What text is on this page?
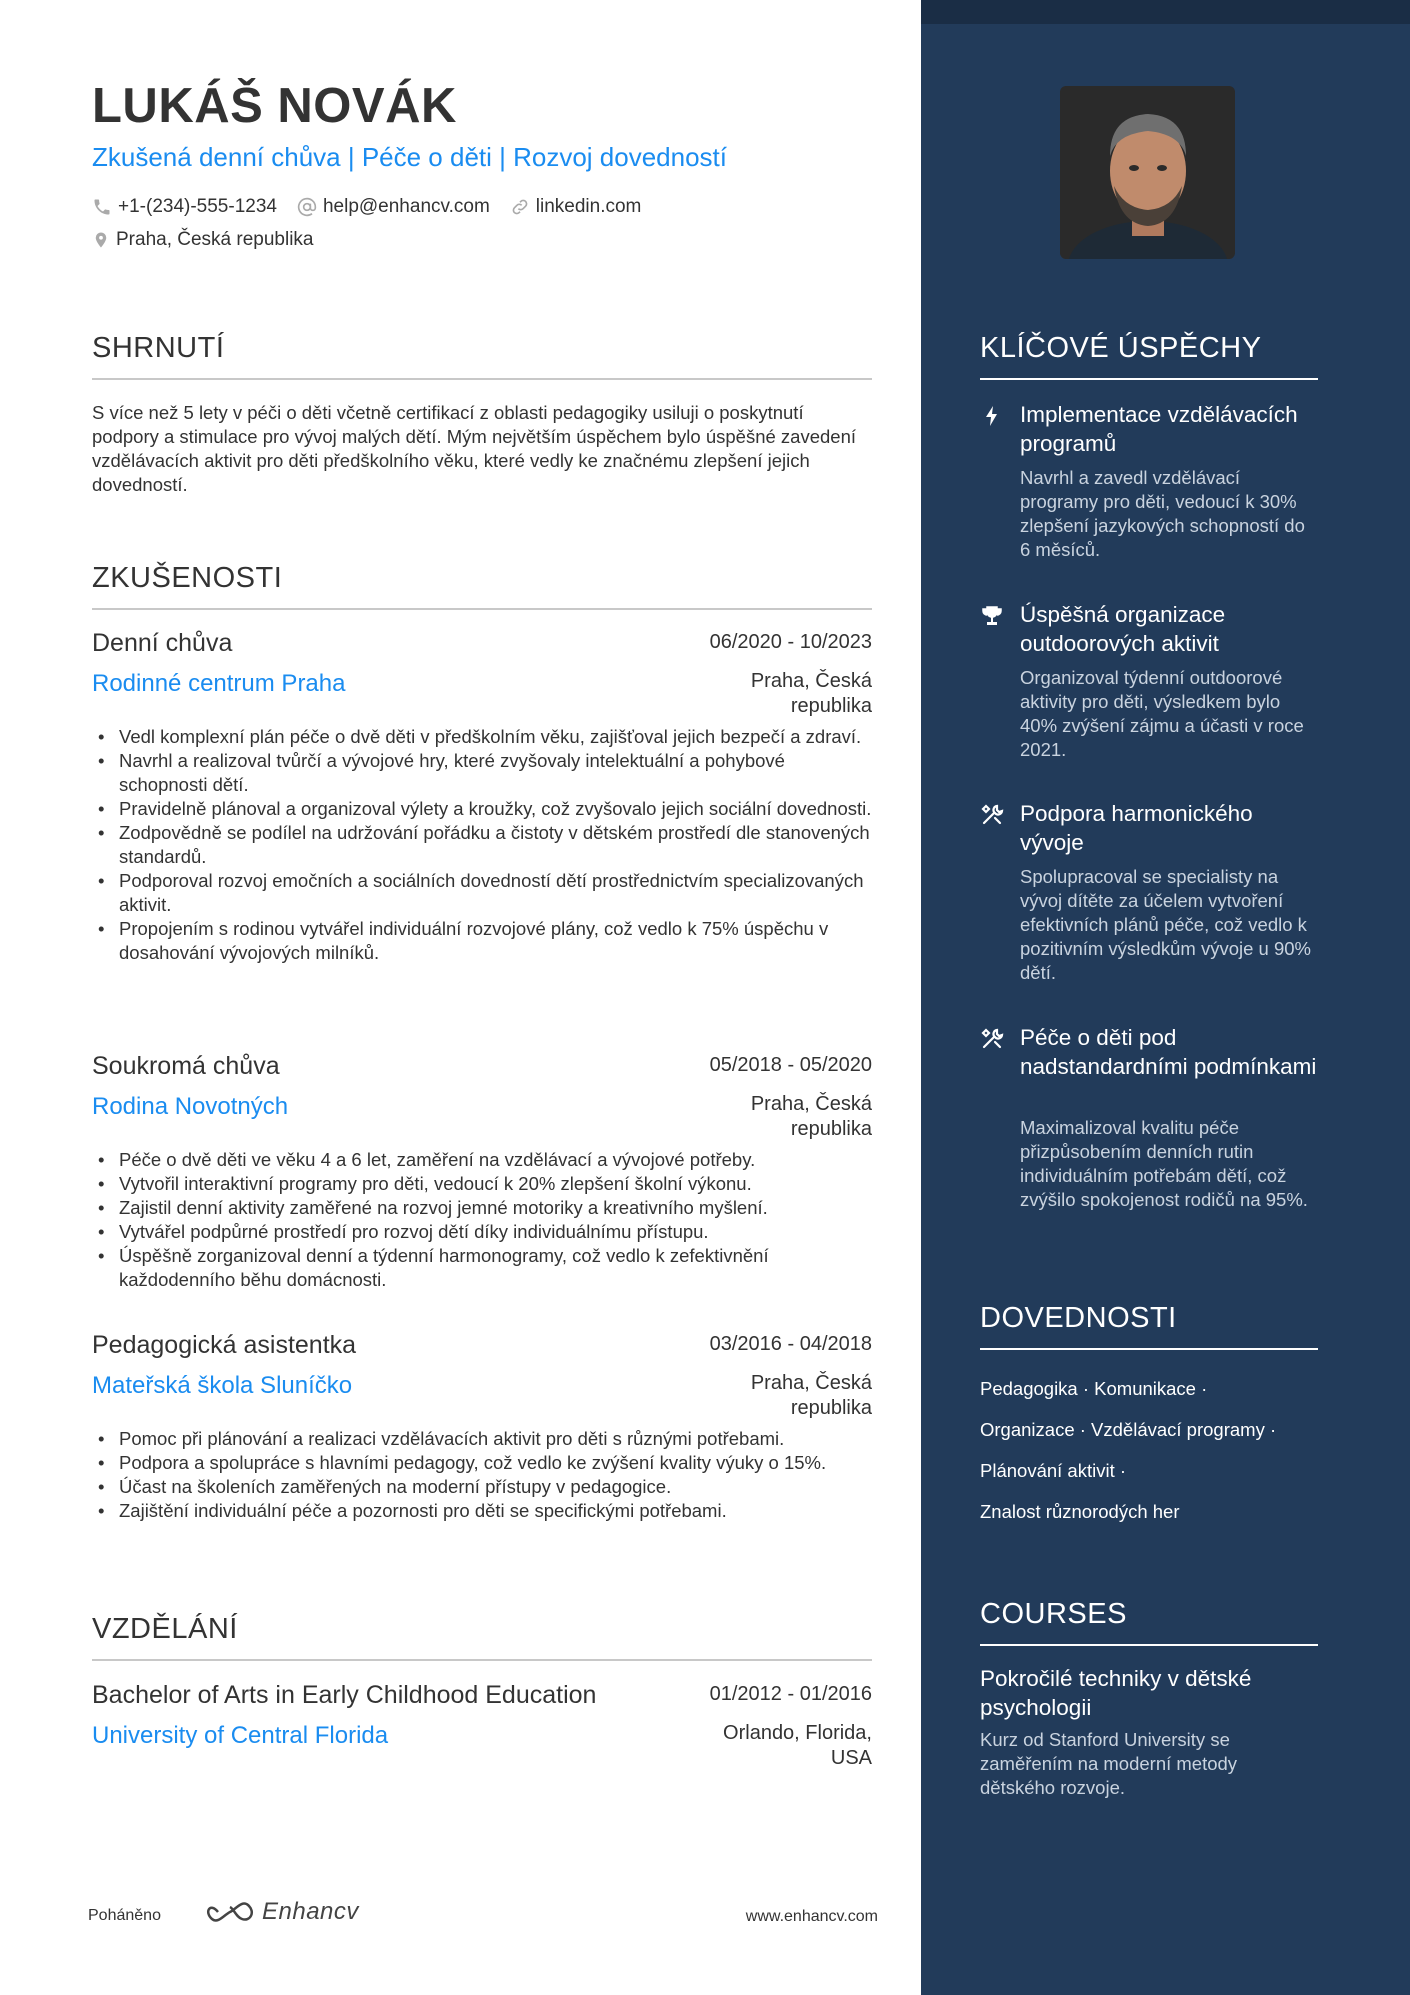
LUKÁŠ NOVÁK
Zkušená denní chůva | Péče o děti | Rozvoj dovedností
+1-(234)-555-1234 help@enhancv.com linkedin.com
Praha, Česká republika
SHRNUTÍ
S více než 5 lety v péči o děti včetně certifikací z oblasti pedagogiky usiluji o poskytnutí podpory a stimulace pro vývoj malých dětí. Mým největším úspěchem bylo úspěšné zavedení vzdělávacích aktivit pro děti předškolního věku, které vedly ke značnému zlepšení jejich dovedností.
ZKUŠENOSTI
Denní chůva	06/2020 - 10/2023
Rodinné centrum Praha	Praha, Česká republika
• Vedl komplexní plán péče o dvě děti v předškolním věku, zajišťoval jejich bezpečí a zdraví.
• Navrhl a realizoval tvůrčí a vývojové hry, které zvyšovaly intelektuální a pohybové schopnosti dětí.
• Pravidelně plánoval a organizoval výlety a kroužky, což zvyšovalo jejich sociální dovednosti.
• Zodpovědně se podílel na udržování pořádku a čistoty v dětském prostředí dle stanovených standardů.
• Podporoval rozvoj emočních a sociálních dovedností dětí prostřednictvím specializovaných aktivit.
• Propojením s rodinou vytvářel individuální rozvojové plány, což vedlo k 75% úspěchu v dosahování vývojových milníků.
Soukromá chůva	05/2018 - 05/2020
Rodina Novotných	Praha, Česká republika
• Péče o dvě děti ve věku 4 a 6 let, zaměření na vzdělávací a vývojové potřeby.
• Vytvořil interaktivní programy pro děti, vedoucí k 20% zlepšení školní výkonu.
• Zajistil denní aktivity zaměřené na rozvoj jemné motoriky a kreativního myšlení.
• Vytvářel podpůrné prostředí pro rozvoj dětí díky individuálnímu přístupu.
• Úspěšně zorganizoval denní a týdenní harmonogramy, což vedlo k zefektivnění každodenního běhu domácnosti.
Pedagogická asistentka	03/2016 - 04/2018
Mateřská škola Sluníčko	Praha, Česká republika
• Pomoc při plánování a realizaci vzdělávacích aktivit pro děti s různými potřebami.
• Podpora a spolupráce s hlavními pedagogy, což vedlo ke zvýšení kvality výuky o 15%.
• Účast na školeních zaměřených na moderní přístupy v pedagogice.
• Zajištění individuální péče a pozornosti pro děti se specifickými potřebami.
VZDĚLÁNÍ
Bachelor of Arts in Early Childhood Education	01/2012 - 01/2016
University of Central Florida	Orlando, Florida, USA
KLÍČOVÉ ÚSPĚCHY
Implementace vzdělávacích programů
Navrhl a zavedl vzdělávací programy pro děti, vedoucí k 30% zlepšení jazykových schopností do 6 měsíců.
Úspěšná organizace outdoorových aktivit
Organizoval týdenní outdoorové aktivity pro děti, výsledkem bylo 40% zvýšení zájmu a účasti v roce 2021.
Podpora harmonického vývoje
Spolupracoval se specialisty na vývoj dítěte za účelem vytvoření efektivních plánů péče, což vedlo k pozitivním výsledkům vývoje u 90% dětí.
Péče o děti pod nadstandardními podmínkami
Maximalizoval kvalitu péče přizpůsobením denních rutin individuálním potřebám dětí, což zvýšilo spokojenost rodičů na 95%.
DOVEDNOSTI
Pedagogika · Komunikace ·
Organizace · Vzdělávací programy ·
Plánování aktivit ·
Znalost různorodých her
COURSES
Pokročilé techniky v dětské psychologii
Kurz od Stanford University se zaměřením na moderní metody dětského rozvoje.
Poháněno	Enhancv	www.enhancv.com
